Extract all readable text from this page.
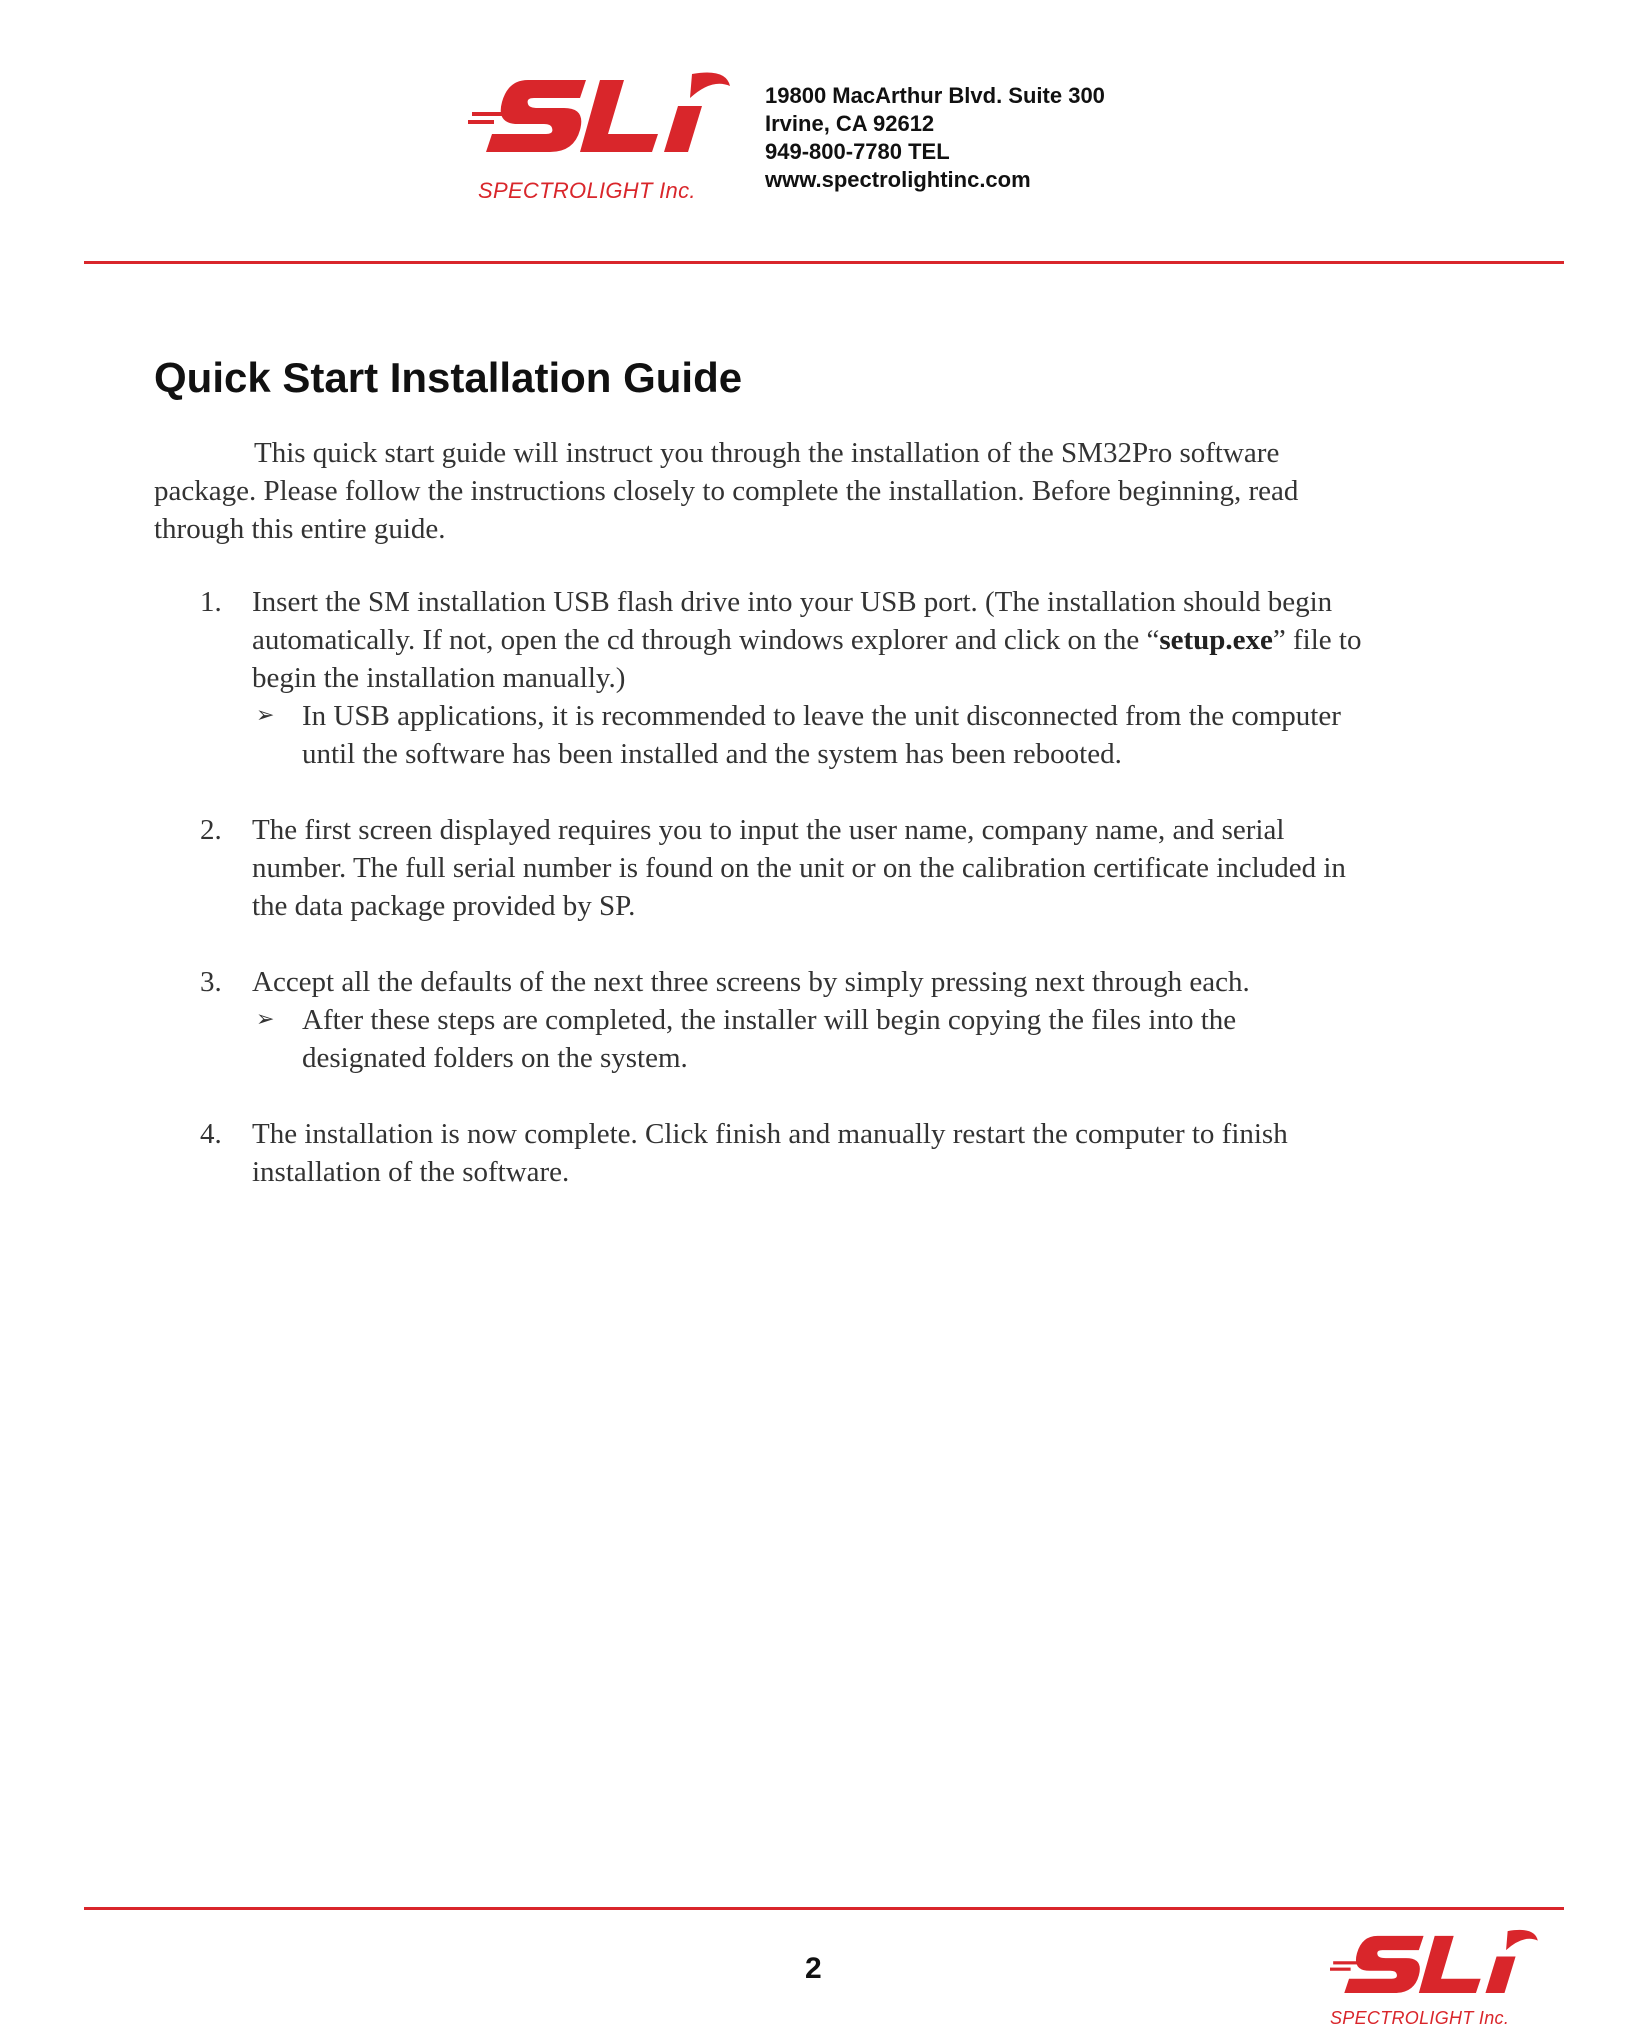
SPECTROLIGHT Inc.
19800 MacArthur Blvd. Suite 300
Irvine, CA 92612
949-800-7780 TEL
www.spectrolightinc.com
Quick Start Installation Guide

This quick start guide will instruct you through the installation of the SM32Pro software package. Please follow the instructions closely to complete the installation. Before beginning, read through this entire guide.

1. Insert the SM installation USB flash drive into your USB port. (The installation should begin automatically. If not, open the cd through windows explorer and click on the “setup.exe” file to begin the installation manually.)
➢ In USB applications, it is recommended to leave the unit disconnected from the computer until the software has been installed and the system has been rebooted.
2. The first screen displayed requires you to input the user name, company name, and serial number. The full serial number is found on the unit or on the calibration certificate included in the data package provided by SP.
3. Accept all the defaults of the next three screens by simply pressing next through each.
➢ After these steps are completed, the installer will begin copying the files into the designated folders on the system.
4. The installation is now complete. Click finish and manually restart the computer to finish installation of the software.
2
SPECTROLIGHT Inc.
